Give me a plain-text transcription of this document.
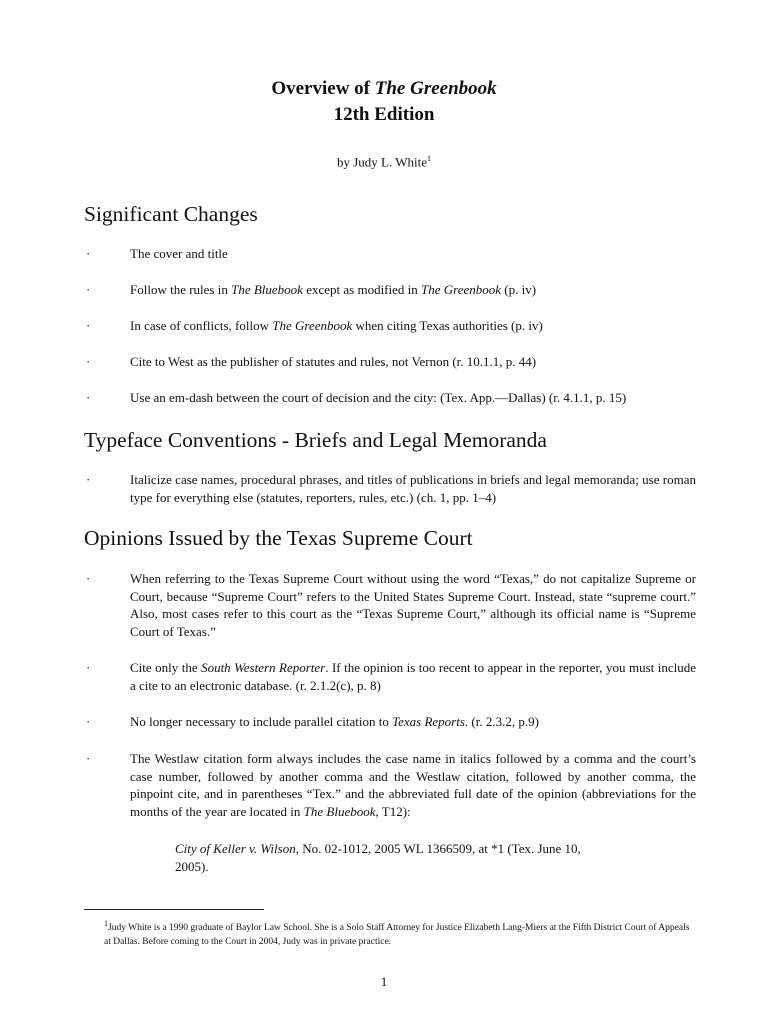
Overview of The Greenbook
12th Edition
by Judy L. White$^1$
Significant Changes
·	The cover and title
·	Follow the rules in The Bluebook except as modified in The Greenbook (p. iv)
·	In case of conflicts, follow The Greenbook when citing Texas authorities (p. iv)
·	Cite to West as the publisher of statutes and rules, not Vernon (r. 10.1.1, p. 44)
·	Use an em-dash between the court of decision and the city: (Tex. App.—Dallas) (r. 4.1.1, p. 15)
Typeface Conventions - Briefs and Legal Memoranda
·	Italicize case names, procedural phrases, and titles of publications in briefs and legal memoranda; use roman type for everything else (statutes, reporters, rules, etc.) (ch. 1, pp. 1–4)
Opinions Issued by the Texas Supreme Court
·	When referring to the Texas Supreme Court without using the word “Texas,” do not capitalize Supreme or Court, because “Supreme Court” refers to the United States Supreme Court. Instead, state “supreme court.” Also, most cases refer to this court as the “Texas Supreme Court,” although its official name is “Supreme Court of Texas.”
·	Cite only the South Western Reporter. If the opinion is too recent to appear in the reporter, you must include a cite to an electronic database. (r. 2.1.2(c), p. 8)
·	No longer necessary to include parallel citation to Texas Reports. (r. 2.3.2, p.9)
·	The Westlaw citation form always includes the case name in italics followed by a comma and the court’s case number, followed by another comma and the Westlaw citation, followed by another comma, the pinpoint cite, and in parentheses “Tex.” and the abbreviated full date of the opinion (abbreviations for the months of the year are located in The Bluebook, T12):
City of Keller v. Wilson, No. 02-1012, 2005 WL 1366509, at *1 (Tex. June 10, 2005).
$^1$Judy White is a 1990 graduate of Baylor Law School. She is a Solo Staff Attorney for Justice Elizabeth Lang-Miers at the Fifth District Court of Appeals at Dallas. Before coming to the Court in 2004, Judy was in private practice.
1
